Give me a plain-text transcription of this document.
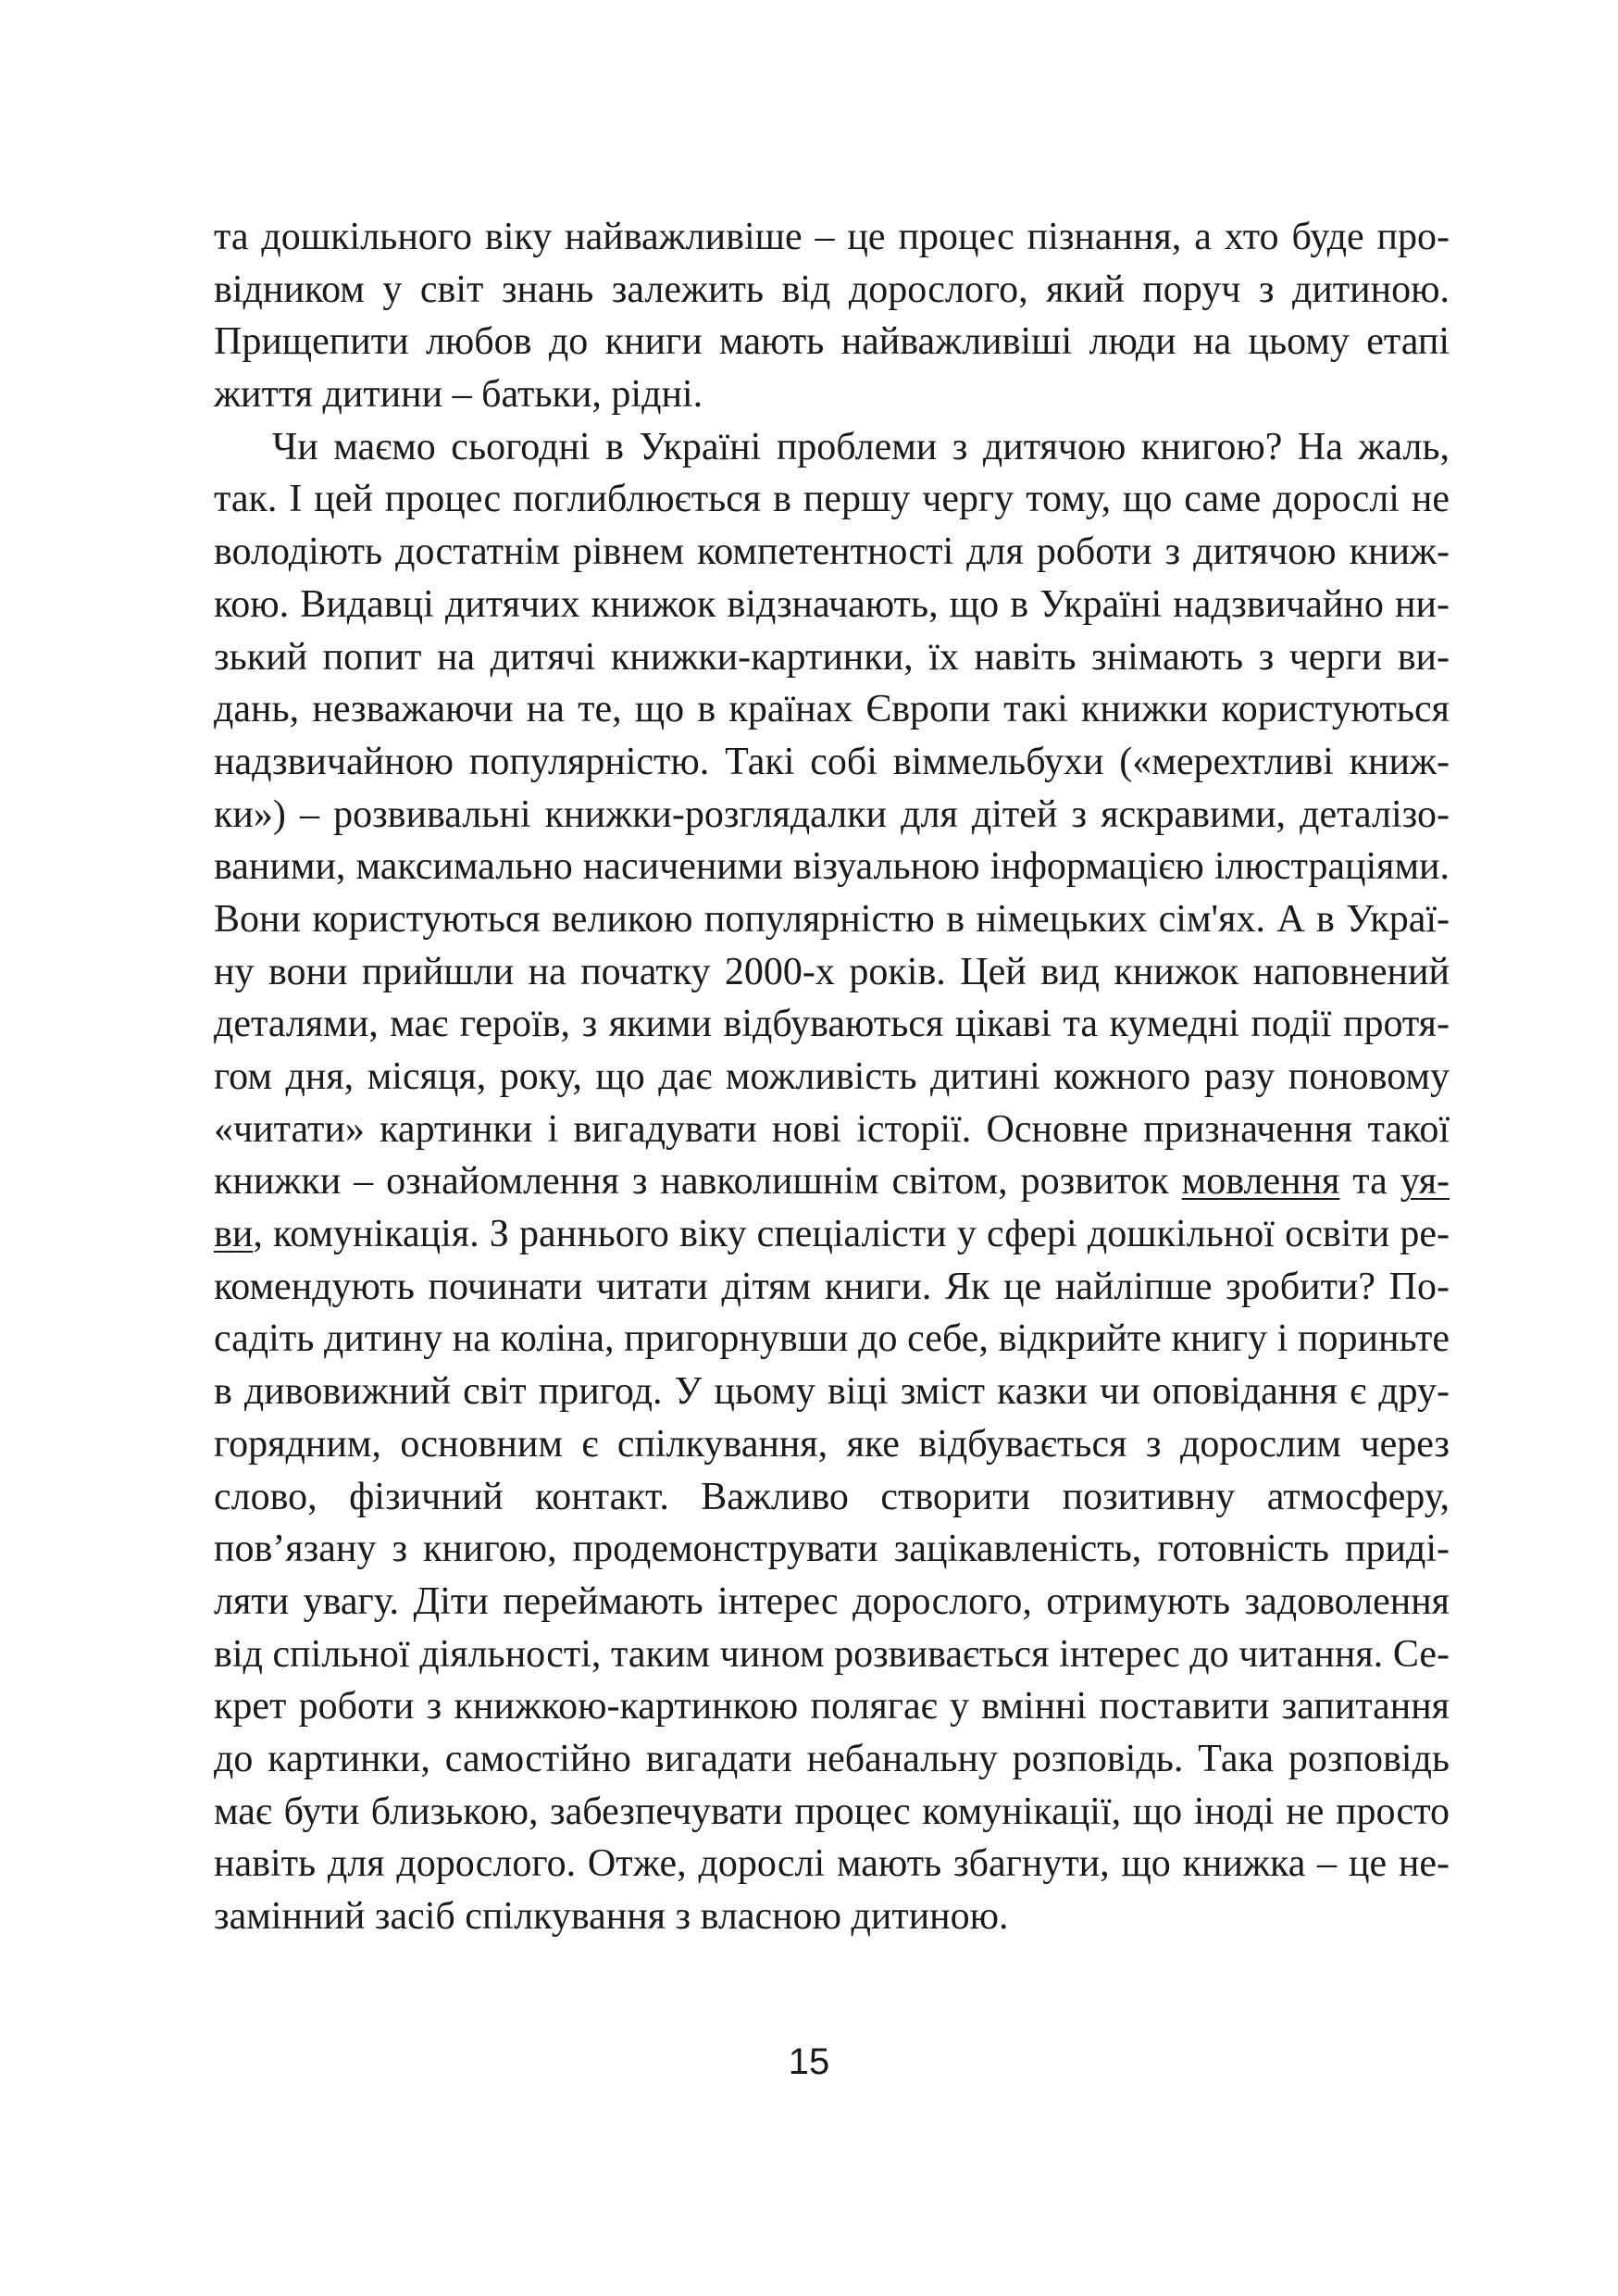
та дошкільного віку найважливіше – це процес пізнання, а хто буде про-
відником у світ знань залежить від дорослого, який поруч з дитиною.
Прищепити любов до книги мають найважливіші люди на цьому етапі
життя дитини – батьки, рідні.
Чи маємо сьогодні в Україні проблеми з дитячою книгою? На жаль,
так. І цей процес поглиблюється в першу чергу тому, що саме дорослі не
володіють достатнім рівнем компетентності для роботи з дитячою книж-
кою. Видавці дитячих книжок відзначають, що в Україні надзвичайно ни-
зький попит на дитячі книжки-картинки, їх навіть знімають з черги ви-
дань, незважаючи на те, що в країнах Європи такі книжки користуються
надзвичайною популярністю. Такі собі віммельбухи («мерехтливі книж-
ки») – розвивальні книжки-розглядалки для дітей з яскравими, деталізо-
ваними, максимально насиченими візуальною інформацією ілюстраціями.
Вони користуються великою популярністю в німецьких сім'ях. А в Украї-
ну вони прийшли на початку 2000-х років. Цей вид книжок наповнений
деталями, має героїв, з якими відбуваються цікаві та кумедні події протя-
гом дня, місяця, року, що дає можливість дитині кожного разу поновому
«читати» картинки і вигадувати нові історії. Основне призначення такої
книжки – ознайомлення з навколишнім світом, розвиток мовлення та уя-
ви, комунікація. З раннього віку спеціалісти у сфері дошкільної освіти ре-
комендують починати читати дітям книги. Як це найліпше зробити? По-
садіть дитину на коліна, пригорнувши до себе, відкрийте книгу і пориньте
в дивовижний світ пригод. У цьому віці зміст казки чи оповідання є дру-
горядним, основним є спілкування, яке відбувається з дорослим через
слово, фізичний контакт. Важливо створити позитивну атмосферу,
пов’язану з книгою, продемонструвати зацікавленість, готовність приді-
ляти увагу. Діти переймають інтерес дорослого, отримують задоволення
від спільної діяльності, таким чином розвивається інтерес до читання. Се-
крет роботи з книжкою-картинкою полягає у вмінні поставити запитання
до картинки, самостійно вигадати небанальну розповідь. Така розповідь
має бути близькою, забезпечувати процес комунікації, що іноді не просто
навіть для дорослого. Отже, дорослі мають збагнути, що книжка – це не-
замінний засіб спілкування з власною дитиною.
15
